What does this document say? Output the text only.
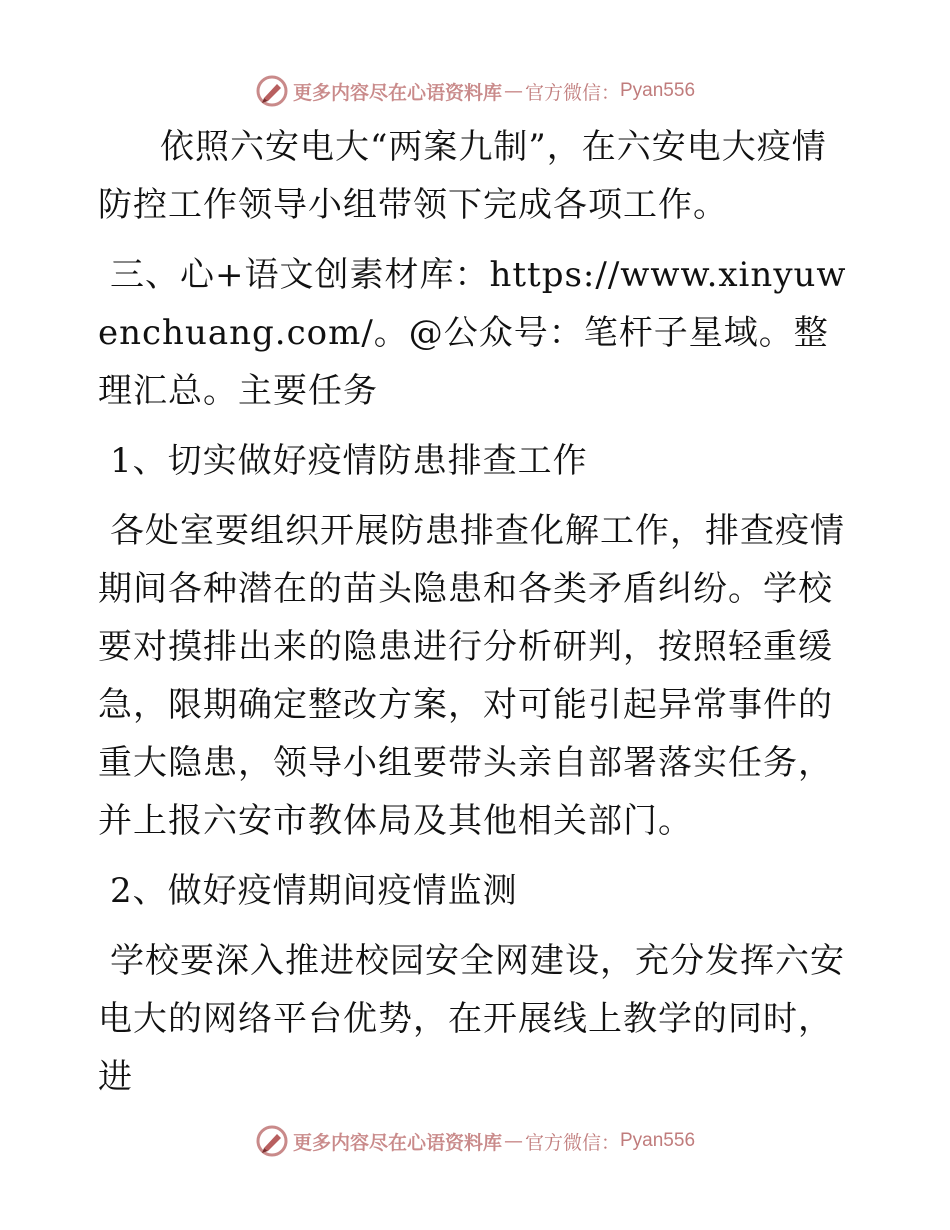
更多内容尽在心语资料库 — 官方微信： Pyan556

依照六安电大“两案九制”，在六安电大疫情防控工作领导小组带领下完成各项工作。

三、心+语文创素材库：https://www.xinyuwenchuang.com/。@公众号：笔杆子星域。整理汇总。主要任务

1、切实做好疫情防患排查工作

各处室要组织开展防患排查化解工作，排查疫情期间各种潜在的苗头隐患和各类矛盾纠纷。学校要对摸排出来的隐患进行分析研判，按照轻重缓急，限期确定整改方案，对可能引起异常事件的重大隐患，领导小组要带头亲自部署落实任务，并上报六安市教体局及其他相关部门。

2、做好疫情期间疫情监测

学校要深入推进校园安全网建设，充分发挥六安电大的网络平台优势，在开展线上教学的同时，进

更多内容尽在心语资料库 — 官方微信： Pyan556
